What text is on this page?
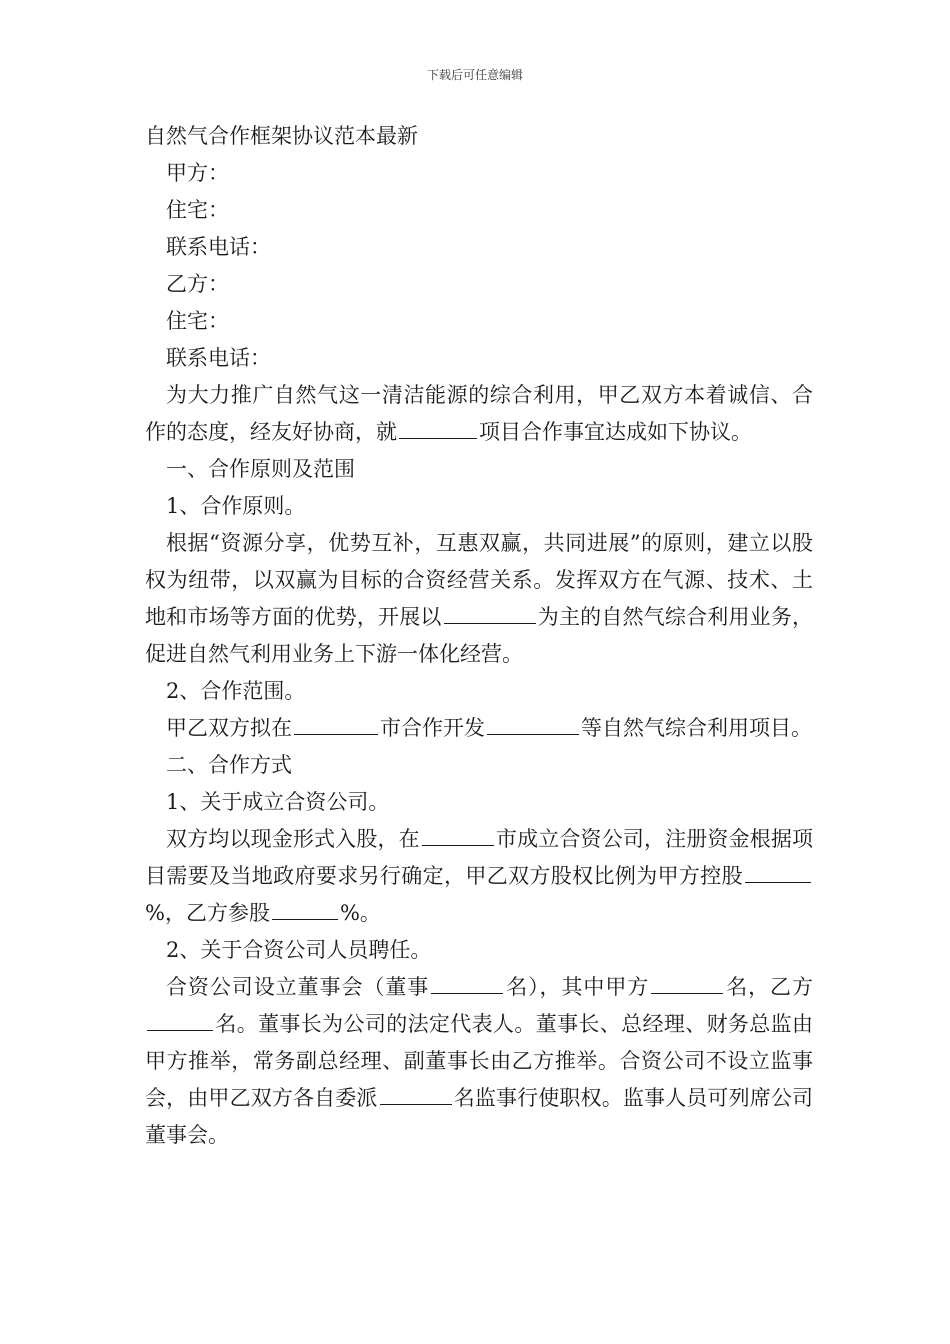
下载后可任意编辑
自然气合作框架协议范本最新
甲方：
住宅：
联系电话：
乙方：
住宅：
联系电话：
为大力推广自然气这一清洁能源的综合利用，甲乙双方本着诚信、合作的态度，经友好协商，就	项目合作事宜达成如下协议。
一、合作原则及范围
1、合作原则。
根据“资源分享，优势互补，互惠双赢，共同进展”的原则，建立以股权为纽带，以双赢为目标的合资经营关系。发挥双方在气源、技术、土地和市场等方面的优势，开展以	为主的自然气综合利用业务，促进自然气利用业务上下游一体化经营。
2、合作范围。
甲乙双方拟在	市合作开发	等自然气综合利用项目。
二、合作方式
1、关于成立合资公司。
双方均以现金形式入股，在	市成立合资公司，注册资金根据项目需要及当地政府要求另行确定，甲乙双方股权比例为甲方控股%，乙方参股	%。
2、关于合资公司人员聘任。
合资公司设立董事会（董事	名），其中甲方	名，乙方名。董事长为公司的法定代表人。董事长、总经理、财务总监由甲方推举，常务副总经理、副董事长由乙方推举。合资公司不设立监事会，由甲乙双方各自委派	名监事行使职权。监事人员可列席公司董事会。
